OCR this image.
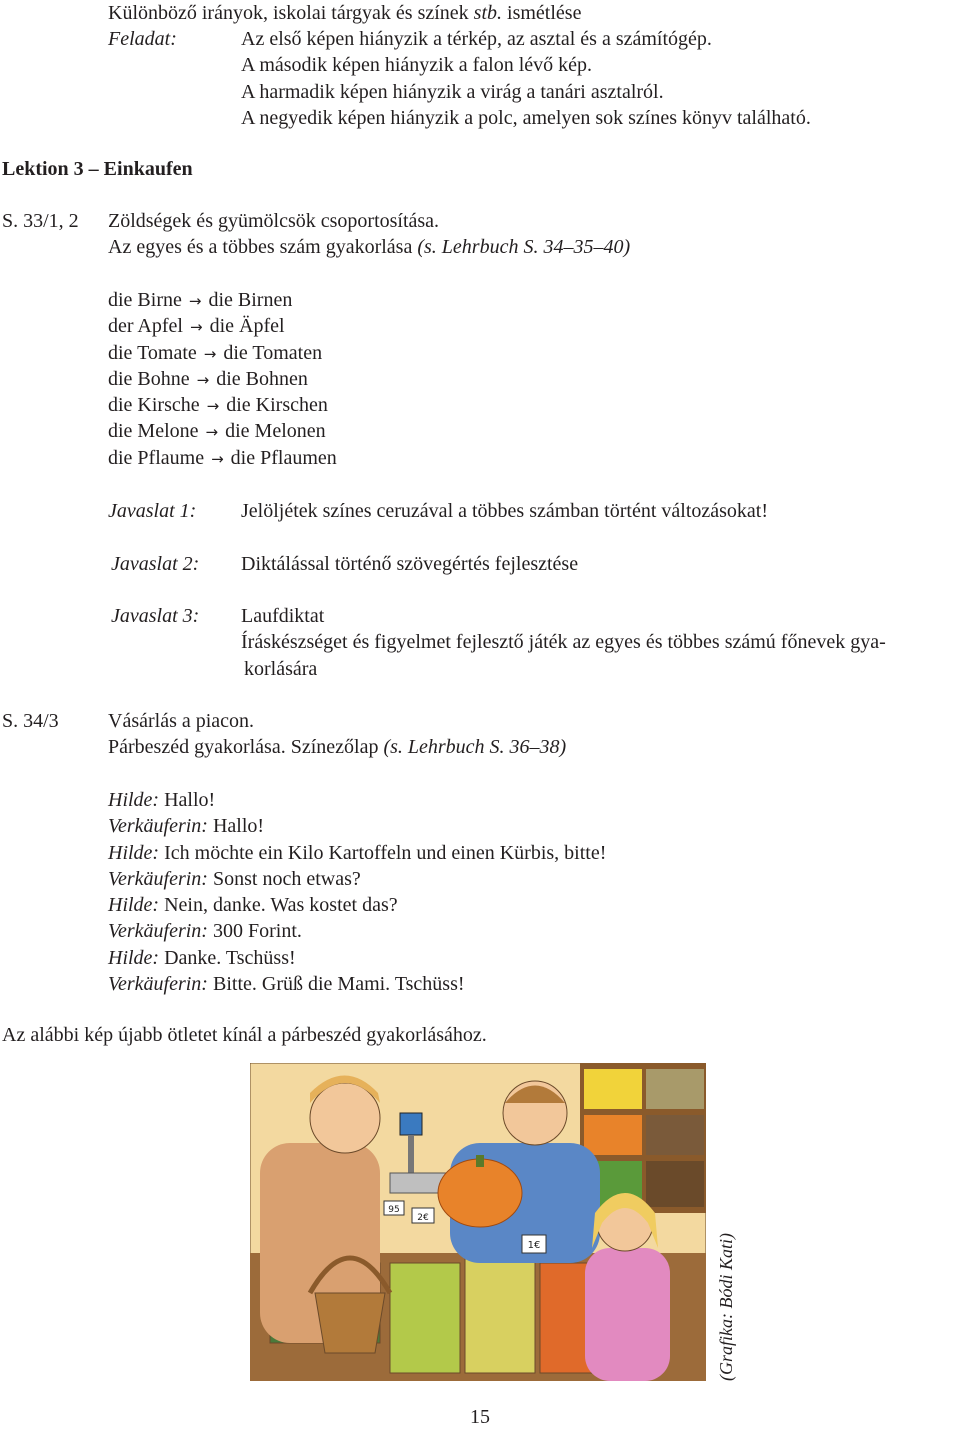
Különböző irányok, iskolai tárgyak és színek stb. ismétlése
Feladat:	Az első képen hiányzik a térkép, az asztal és a számítógép.
A második képen hiányzik a falon lévő kép.
A harmadik képen hiányzik a virág a tanári asztalról.
A negyedik képen hiányzik a polc, amelyen sok színes könyv található.
Lektion 3 – Einkaufen
S. 33/1, 2 Zöldségek és gyümölcsök csoportosítása.
Az egyes és a többes szám gyakorlása (s. Lehrbuch S. 34–35–40)
die Birne → die Birnen
der Apfel → die Äpfel
die Tomate → die Tomaten
die Bohne → die Bohnen
die Kirsche → die Kirschen
die Melone → die Melonen
die Pflaume → die Pflaumen
Javaslat 1: Jelöljétek színes ceruzával a többes számban történt változásokat!
Javaslat 2: Diktálással történő szövegértés fejlesztése
Javaslat 3: Laufdiktat
Íráskészséget és figyelmet fejlesztő játék az egyes és többes számú főnevek gya-
korlására
S. 34/3 Vásárlás a piacon.
Párbeszéd gyakorlása. Színezőlap (s. Lehrbuch S. 36–38)
Hilde: Hallo!
Verkäuferin: Hallo!
Hilde: Ich möchte ein Kilo Kartoffeln und einen Kürbis, bitte!
Verkäuferin: Sonst noch etwas?
Hilde: Nein, danke. Was kostet das?
Verkäuferin: 300 Forint.
Hilde: Danke. Tschüss!
Verkäuferin: Bitte. Grüß die Mami. Tschüss!
Az alábbi kép újabb ötletet kínál a párbeszéd gyakorlásához.
95
2€
1€	(Grafika: Bódi Kati)
15
